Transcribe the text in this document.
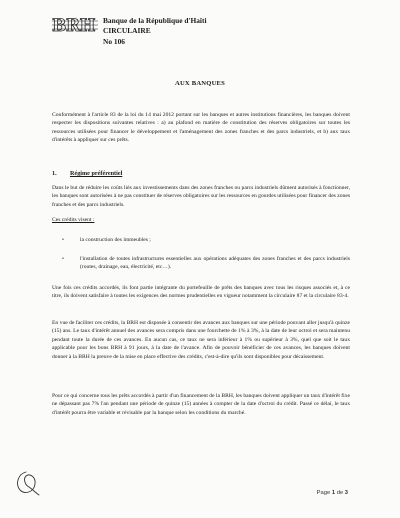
BRH Banque de la République d'Haïti
CIRCULAIRE
No 106
AUX BANQUES
Conformément à l'article 83 de la loi du 14 mai 2012 portant sur les banques et autres institutions financières, les banques doivent respecter les dispositions suivantes relatives : a) au plafond en matière de constitution des réserves obligatoires sur toutes les ressources utilisées pour financer le développement et l'aménagement des zones franches et des parcs industriels, et b) aux taux d'intérêts à appliquer sur ces prêts.
1. Régime préférentiel
Dans le but de réduire les coûts liés aux investissements dans des zones franches ou parcs industriels dûment autorisés à fonctionner, les banques sont autorisées à ne pas constituer de réserves obligatoires sur les ressources en gourdes utilisées pour financer des zones franches et des parcs industriels.
Ces crédits visent :
•	la construction des immeubles ;
•	l'installation de toutes infrastructures essentielles aux opérations adéquates des zones franches et des parcs industriels (routes, drainage, eau, électricité, etc…).
Une fois ces crédits accordés, ils font partie intégrante du portefeuille de prêts des banques avec tous les risques associés et, à ce titre, ils doivent satisfaire à toutes les exigences des normes prudentielles en vigueur notamment la circulaire 87 et la circulaire 83-4.
En vue de faciliter ces crédits, la BRH est disposée à consentir des avances aux banques sur une période pouvant aller jusqu'à quinze (15) ans. Le taux d'intérêt annuel des avances sera compris dans une fourchette de 1% à 3%, à la date de leur octroi et sera maintenu pendant toute la durée de ces avances. En aucun cas, ce taux ne sera inférieur à 1% ou supérieur à 3%, quel que soit le taux applicable pour les bons BRH à 91 jours, à la date de l'avance. Afin de pouvoir bénéficier de ces avances, les banques doivent donner à la BRH la preuve de la mise en place effective des crédits, c'est-à-dire qu'ils sont disponibles pour décaissement.
Pour ce qui concerne tous les prêts accordés à partir d'un financement de la BRH, les banques doivent appliquer un taux d'intérêt fixe ne dépassant pas 7% l'an pendant une période de quinze (15) années à compter de la date d'octroi du crédit. Passé ce délai, le taux d'intérêt pourra être variable et révisable par la banque selon les conditions du marché.
Page 1 de 3
